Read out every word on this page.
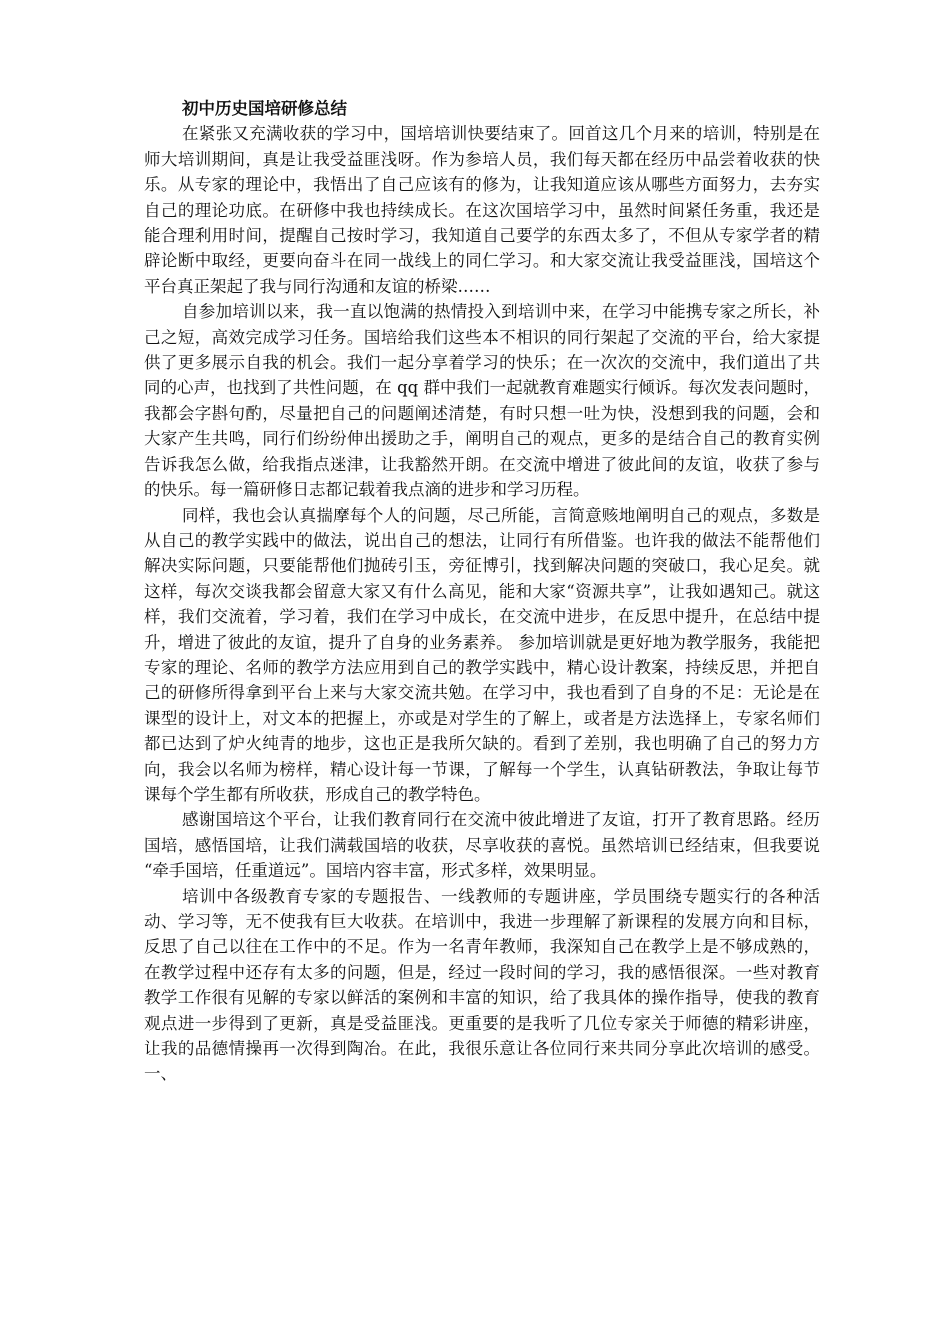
初中历史国培研修总结

在紧张又充满收获的学习中，国培培训快要结束了。回首这几个月来的培训，特别是在师大培训期间，真是让我受益匪浅呀。作为参培人员，我们每天都在经历中品尝着收获的快乐。从专家的理论中，我悟出了自己应该有的修为，让我知道应该从哪些方面努力，去夯实自己的理论功底。在研修中我也持续成长。在这次国培学习中，虽然时间紧任务重，我还是能合理利用时间，提醒自己按时学习，我知道自己要学的东西太多了，不但从专家学者的精辟论断中取经，更要向奋斗在同一战线上的同仁学习。和大家交流让我受益匪浅，国培这个平台真正架起了我与同行沟通和友谊的桥梁……

自参加培训以来，我一直以饱满的热情投入到培训中来，在学习中能携专家之所长，补己之短，高效完成学习任务。国培给我们这些本不相识的同行架起了交流的平台，给大家提供了更多展示自我的机会。我们一起分享着学习的快乐；在一次次的交流中，我们道出了共同的心声，也找到了共性问题，在 qq 群中我们一起就教育难题实行倾诉。每次发表问题时，我都会字斟句酌，尽量把自己的问题阐述清楚，有时只想一吐为快，没想到我的问题，会和大家产生共鸣，同行们纷纷伸出援助之手，阐明自己的观点，更多的是结合自己的教育实例告诉我怎么做，给我指点迷津，让我豁然开朗。在交流中增进了彼此间的友谊，收获了参与的快乐。每一篇研修日志都记载着我点滴的进步和学习历程。

同样，我也会认真揣摩每个人的问题，尽己所能，言简意赅地阐明自己的观点，多数是从自己的教学实践中的做法，说出自己的想法，让同行有所借鉴。也许我的做法不能帮他们解决实际问题，只要能帮他们抛砖引玉，旁征博引，找到解决问题的突破口，我心足矣。就这样，每次交谈我都会留意大家又有什么高见，能和大家“资源共享”，让我如遇知己。就这样，我们交流着，学习着，我们在学习中成长，在交流中进步，在反思中提升，在总结中提升，增进了彼此的友谊，提升了自身的业务素养。 参加培训就是更好地为教学服务，我能把专家的理论、名师的教学方法应用到自己的教学实践中，精心设计教案，持续反思，并把自己的研修所得拿到平台上来与大家交流共勉。在学习中，我也看到了自身的不足：无论是在课型的设计上，对文本的把握上，亦或是对学生的了解上，或者是方法选择上，专家名师们都已达到了炉火纯青的地步，这也正是我所欠缺的。看到了差别，我也明确了自己的努力方向，我会以名师为榜样，精心设计每一节课，了解每一个学生，认真钻研教法，争取让每节课每个学生都有所收获，形成自己的教学特色。

感谢国培这个平台，让我们教育同行在交流中彼此增进了友谊，打开了教育思路。经历国培，感悟国培，让我们满载国培的收获，尽享收获的喜悦。虽然培训已经结束，但我要说 “牵手国培，任重道远”。国培内容丰富，形式多样，效果明显。

培训中各级教育专家的专题报告、一线教师的专题讲座，学员围绕专题实行的各种活动、学习等，无不使我有巨大收获。在培训中，我进一步理解了新课程的发展方向和目标，反思了自己以往在工作中的不足。作为一名青年教师，我深知自己在教学上是不够成熟的，在教学过程中还存有太多的问题，但是，经过一段时间的学习，我的感悟很深。一些对教育教学工作很有见解的专家以鲜活的案例和丰富的知识，给了我具体的操作指导，使我的教育观点进一步得到了更新，真是受益匪浅。更重要的是我听了几位专家关于师德的精彩讲座，让我的品德情操再一次得到陶冶。在此，我很乐意让各位同行来共同分享此次培训的感受。一、
